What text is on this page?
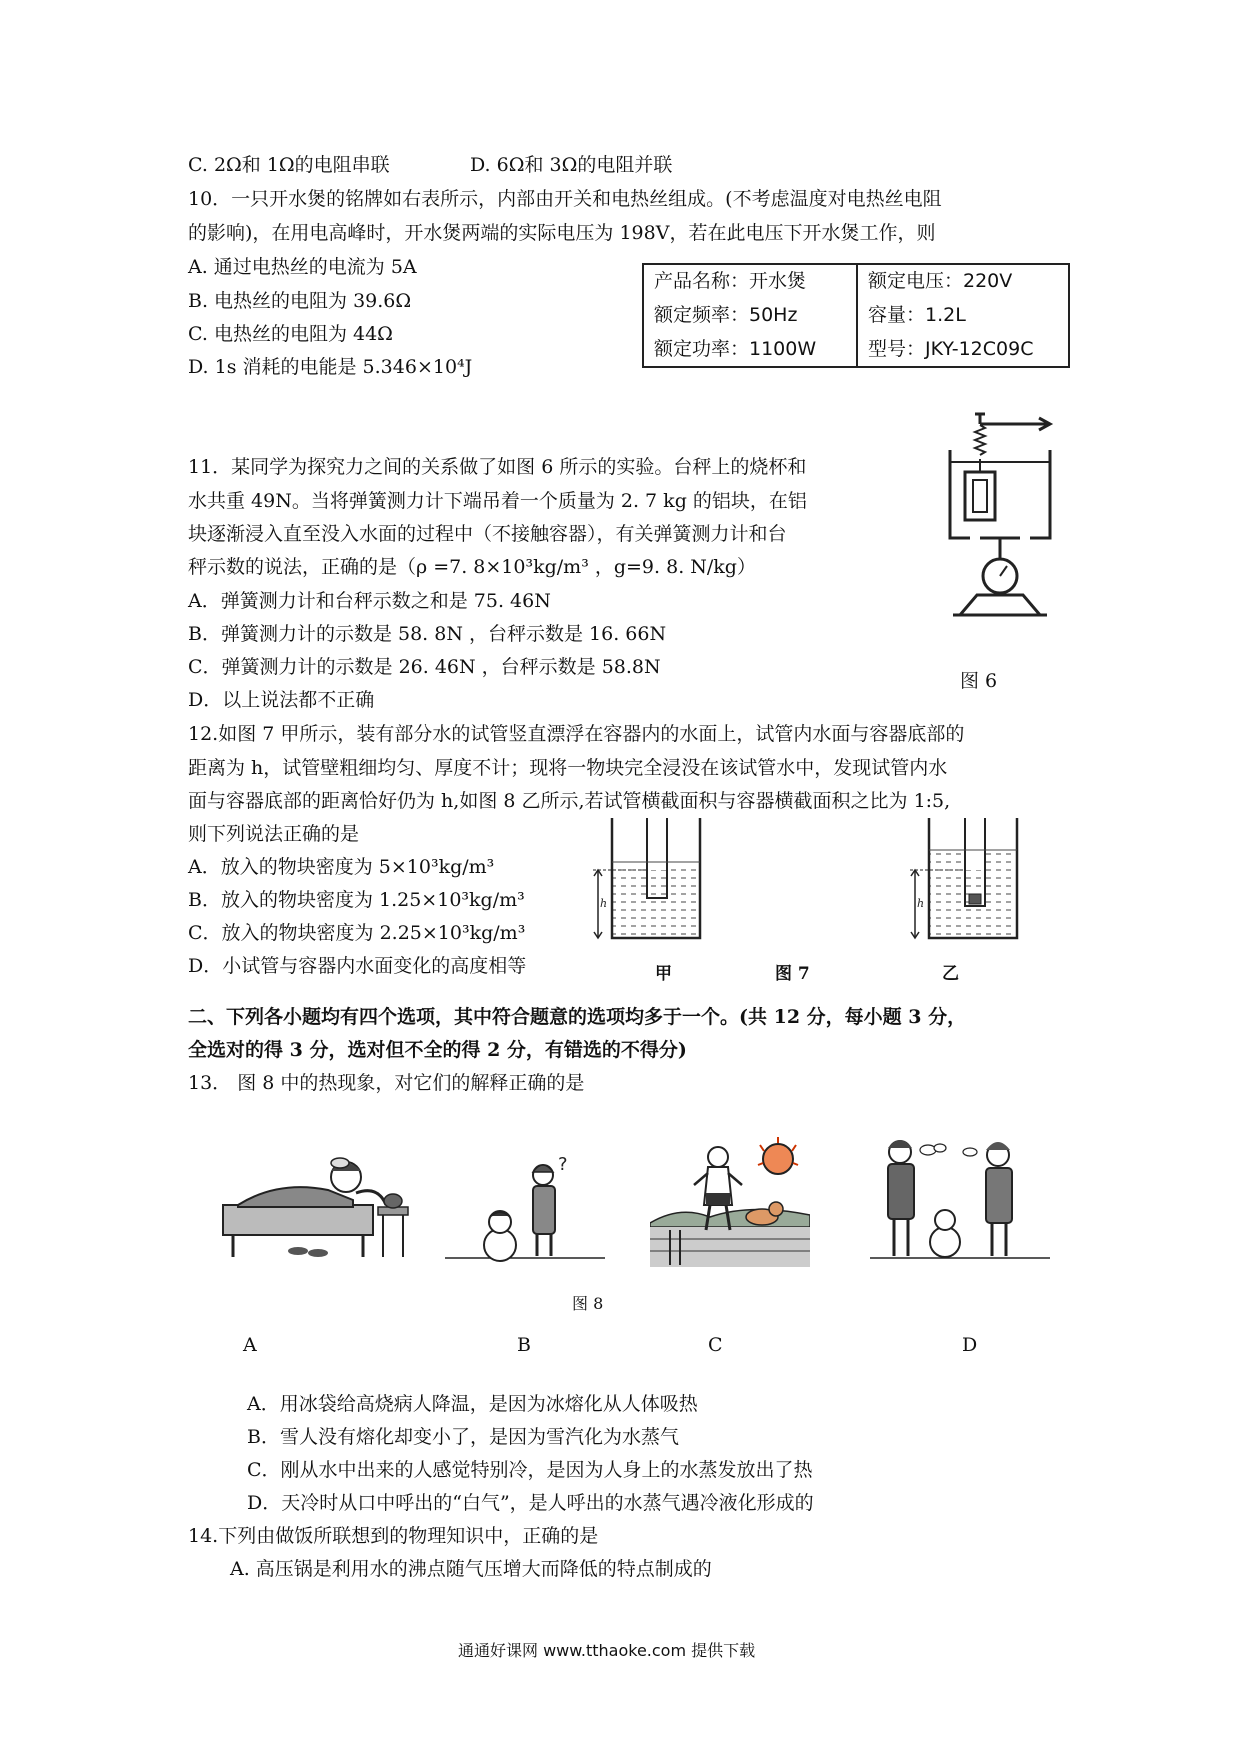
C. 2Ω和 1Ω的电阻串联	D. 6Ω和 3Ω的电阻并联
10．一只开水煲的铭牌如右表所示，内部由开关和电热丝组成。(不考虑温度对电热丝电阻
的影响)，在用电高峰时，开水煲两端的实际电压为 198V，若在此电压下开水煲工作，则
A. 通过电热丝的电流为 5A
B. 电热丝的电阻为 39.6Ω
C. 电热丝的电阻为 44Ω
D. 1s 消耗的电能是 5.346×10⁴J
产品名称：开水煲	额定电压：220V
额定频率：50Hz	容量：1.2L
额定功率：1100W	型号：JKY-12C09C
11．某同学为探究力之间的关系做了如图 6 所示的实验。台秤上的烧杯和
水共重 49N。当将弹簧测力计下端吊着一个质量为 2. 7 kg 的铝块，在铝
块逐渐浸入直至没入水面的过程中（不接触容器），有关弹簧测力计和台
秤示数的说法，正确的是（ρ =7. 8×10³kg/m³ ，g=9. 8. N/kg）
A．弹簧测力计和台秤示数之和是 75. 46N
B．弹簧测力计的示数是 58. 8N ，台秤示数是 16. 66N
C．弹簧测力计的示数是 26. 46N ，台秤示数是 58.8N
D．以上说法都不正确
图 6
12.如图 7 甲所示，装有部分水的试管竖直漂浮在容器内的水面上，试管内水面与容器底部的
距离为 h，试管壁粗细均匀、厚度不计；现将一物块完全浸没在该试管水中，发现试管内水
面与容器底部的距离恰好仍为 h,如图 8 乙所示,若试管横截面积与容器横截面积之比为 1:5,
则下列说法正确的是
A．放入的物块密度为 5×10³kg/m³
B．放入的物块密度为 1.25×10³kg/m³
C．放入的物块密度为 2.25×10³kg/m³
D．小试管与容器内水面变化的高度相等
h	h
甲	图 7	乙
二、下列各小题均有四个选项，其中符合题意的选项均多于一个。(共 12 分，每小题 3 分，
全选对的得 3 分，选对但不全的得 2 分，有错选的不得分)
13． 图 8 中的热现象，对它们的解释正确的是
?
图 8
A	B	C	D
A．用冰袋给高烧病人降温，是因为冰熔化从人体吸热
B．雪人没有熔化却变小了，是因为雪汽化为水蒸气
C．刚从水中出来的人感觉特别冷，是因为人身上的水蒸发放出了热
D．天冷时从口中呼出的“白气”，是人呼出的水蒸气遇冷液化形成的
14.下列由做饭所联想到的物理知识中，正确的是
A. 高压锅是利用水的沸点随气压增大而降低的特点制成的
通通好课网 www.tthaoke.com 提供下载
